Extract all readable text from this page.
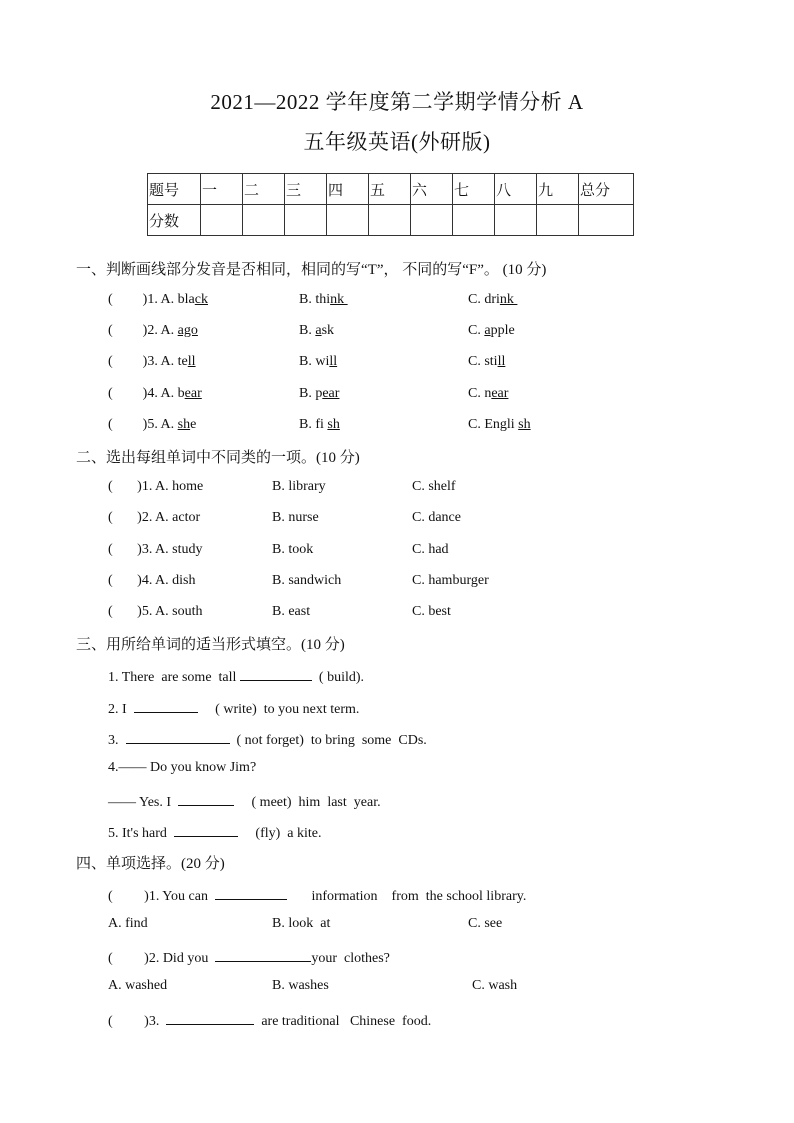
2021—2022 学年度第二学期学情分析 A
五年级英语(外研版)
题号	一	二	三	四	五	六	七	八	九	总分
分数										
一、判断画线部分发音是否相同，相同的写“T”， 不同的写“F”。 (10 分)
( )1. A. black	B. think	C. drink
( )2. A. ago	B. ask	C. apple
( )3. A. tell	B. will	C. still
( )4. A. bear	B. pear	C. near
( )5. A. she	B. fi sh	C. Engli sh
二、选出每组单词中不同类的一项。(10 分)
(       )1. A. home	B. library	C. shelf
(       )2. A. actor	B. nurse	C. dance
(       )3. A. study	B. took	C. had
(       )4. A. dish	B. sandwich	C. hamburger
(       )5. A. south	B. east	C. best
三、用所给单词的适当形式填空。(10 分)
1. There  are some  tall	( build).
2. I	( write)  to you next term.
3.	( not forget)  to bring  some  CDs.
4.—— Do you know Jim?
—— Yes. I	( meet)  him  last  year.
5. It's hard	(fly)  a kite.
四、单项选择。(20 分)
(         )1. You can	information    from  the school library.
A. find	B. look  at	C. see
(         )2. Did you	your  clothes?
A. washed	B. washes	C. wash
(         )3.	are traditional   Chinese  food.
